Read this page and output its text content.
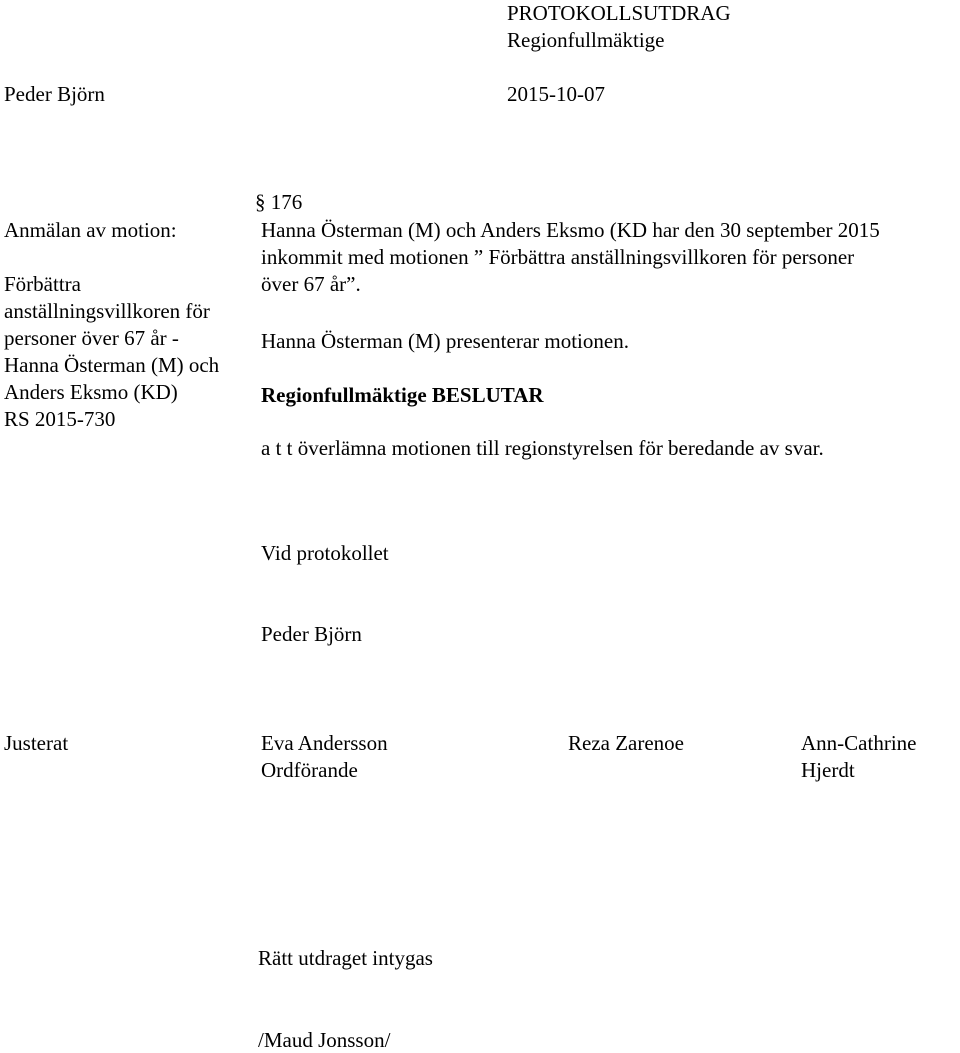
PROTOKOLLSUTDRAG
Regionfullmäktige
Peder Björn	2015-10-07
§ 176
Anmälan av motion:
Förbättra
anställningsvillkoren för
personer över 67 år -
Hanna Österman (M) och
Anders Eksmo (KD)
RS 2015-730
Hanna Österman (M) och Anders Eksmo (KD har den 30 september 2015
inkommit med motionen ” Förbättra anställningsvillkoren för personer
över 67 år”.
Hanna Österman (M) presenterar motionen.
Regionfullmäktige BESLUTAR
a t t överlämna motionen till regionstyrelsen för beredande av svar.
Vid protokollet
Peder Björn
Justerat	Eva Andersson
Ordförande
Reza Zarenoe	Ann-Cathrine
Hjerdt
Rätt utdraget intygas
/Maud Jonsson/
